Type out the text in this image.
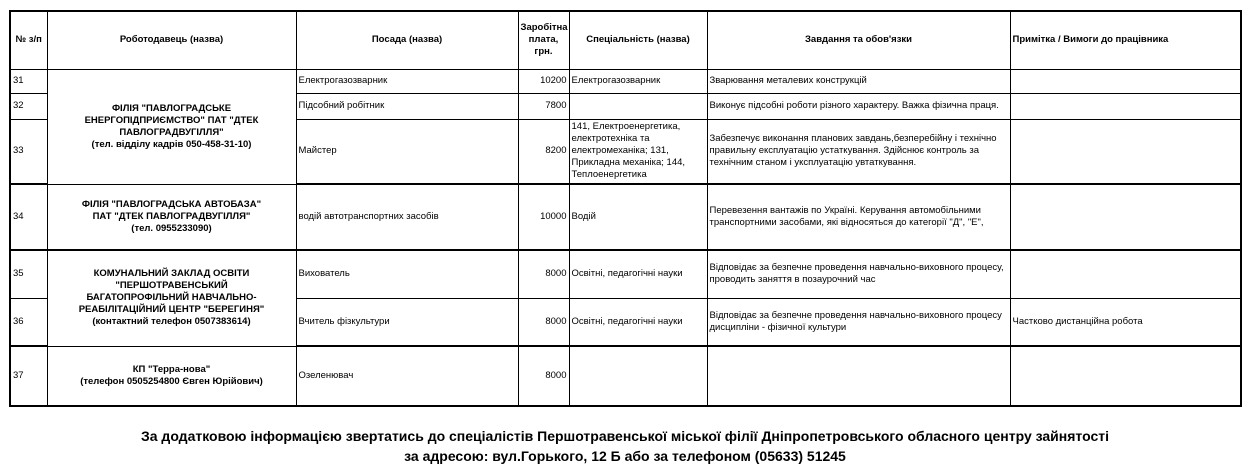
№ з/п	Роботодавець (назва)	Посада (назва)	Заробітна плата, грн.	Спеціальність (назва)	Завдання та обов'язки	Примітка / Вимоги до працівника
31	ФІЛІЯ "ПАВЛОГРАДСЬКЕ
ЕНЕРГОПІДПРИЄМСТВО" ПАТ "ДТЕК
ПАВЛОГРАДВУГІЛЛЯ"
(тел. відділу кадрів 050-458-31-10)	Електрогазозварник	10200	Електрогазозварник	Зварювання металевих конструкцій	
32		Підсобний робітник	7800		Виконує підсобні роботи різного характеру. Важка фізична праця.	
33		Майстер	8200	141, Електроенергетика, електротехніка та електромеханіка; 131, Прикладна механіка; 144, Теплоенергетика	Забезпечує виконання планових завдань,безперебійну і технічно правильну експлуатацію устаткування. Здійснює контроль за технічним станом і уксплуатацію увтаткування.	
34	ФІЛІЯ "ПАВЛОГРАДСЬКА АВТОБАЗА"
ПАТ "ДТЕК ПАВЛОГРАДВУГІЛЛЯ"
(тел. 0955233090)	водій автотранспортних засобів	10000	Водій	Перевезення вантажів по Україні. Керування автомобільними транспортними засобами, які відносяться до категорії "Д", "Е",	
35	КОМУНАЛЬНИЙ ЗАКЛАД ОСВІТИ
"ПЕРШОТРАВЕНСЬКИЙ
БАГАТОПРОФІЛЬНИЙ НАВЧАЛЬНО-
РЕАБІЛІТАЦІЙНИЙ ЦЕНТР "БЕРЕГИНЯ"
(контактний телефон 0507383614)	Вихователь	8000	Освітні, педагогічні науки	Відповідає за безпечне проведення навчально-виховного процесу, проводить заняття в позаурочний час	
36		Вчитель фізкультури	8000	Освітні, педагогічні науки	Відповідає за безпечне проведення навчально-виховного процесу дисципліни - фізичної культури	Частково дистанційна робота
37	КП "Терра-нова"
(телефон 0505254800 Євген Юрійович)	Озеленювач	8000			
За додатковою інформацією звертатись до спеціалістів Першотравенської міської філії Дніпропетровського обласного центру зайнятості
за адресою: вул.Горького, 12 Б або за телефоном (05633) 51245
